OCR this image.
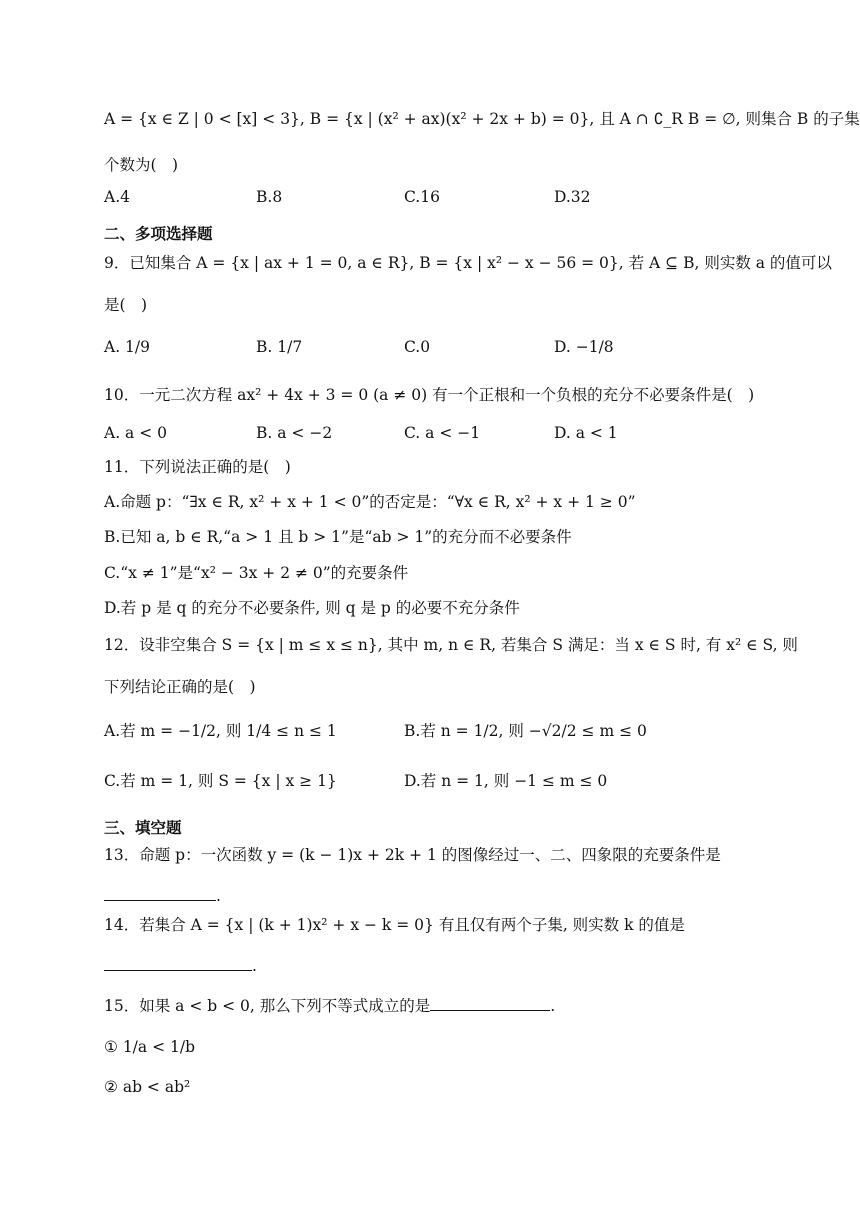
A = {x ∈ Z | 0 < [x] < 3}, B = {x | (x² + ax)(x² + 2x + b) = 0}, 且 A ∩ ∁_R B = ∅, 则集合 B 的子集
个数为(　)
A.4	B.8	C.16	D.32
二、多项选择题
9．已知集合 A = {x | ax + 1 = 0, a ∈ R}, B = {x | x² − x − 56 = 0}, 若 A ⊆ B, 则实数 a 的值可以
是(　)
A. 1/9	B. 1/7	C.0	D. −1/8
10．一元二次方程 ax² + 4x + 3 = 0 (a ≠ 0) 有一个正根和一个负根的充分不必要条件是(　)
A. a < 0	B. a < −2	C. a < −1	D. a < 1
11．下列说法正确的是(　)
A.命题 p：“∃x ∈ R, x² + x + 1 < 0”的否定是：“∀x ∈ R, x² + x + 1 ≥ 0”
B.已知 a, b ∈ R,“a > 1 且 b > 1”是“ab > 1”的充分而不必要条件
C.“x ≠ 1”是“x² − 3x + 2 ≠ 0”的充要条件
D.若 p 是 q 的充分不必要条件, 则 q 是 p 的必要不充分条件
12．设非空集合 S = {x | m ≤ x ≤ n}, 其中 m, n ∈ R, 若集合 S 满足：当 x ∈ S 时, 有 x² ∈ S, 则
下列结论正确的是(　)
A.若 m = −1/2, 则 1/4 ≤ n ≤ 1	B.若 n = 1/2, 则 −√2/2 ≤ m ≤ 0
C.若 m = 1, 则 S = {x | x ≥ 1}	D.若 n = 1, 则 −1 ≤ m ≤ 0
三、填空题
13．命题 p：一次函数 y = (k − 1)x + 2k + 1 的图像经过一、二、四象限的充要条件是
.
14．若集合 A = {x | (k + 1)x² + x − k = 0} 有且仅有两个子集, 则实数 k 的值是
.
15．如果 a < b < 0, 那么下列不等式成立的是	.
① 1/a < 1/b
② ab < ab²
